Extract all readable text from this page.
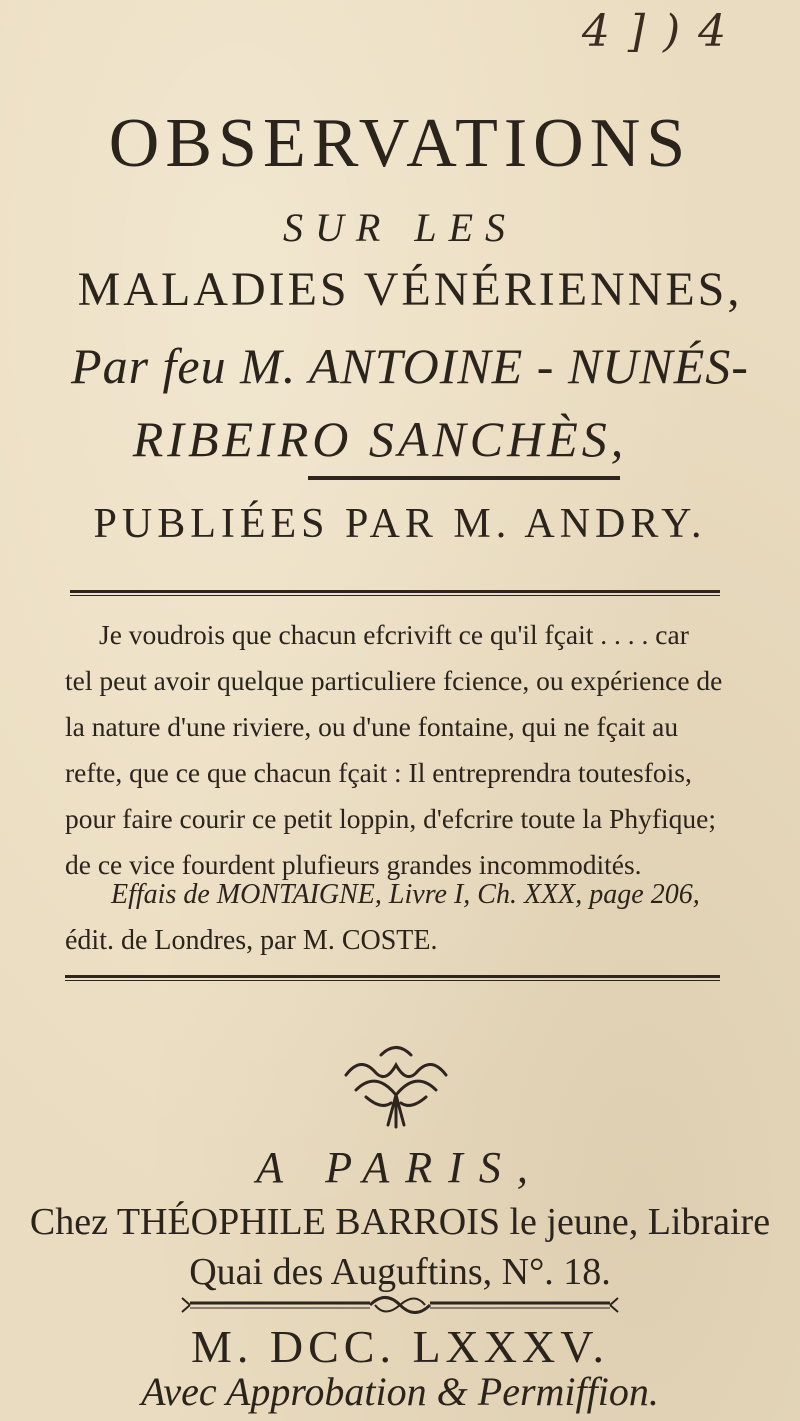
4 ] ) 4
OBSERVATIONS
SUR LES
MALADIES VÉNÉRIENNES,
Par feu M. ANTOINE - NUNÉS-
RIBEIRO SANCHÈS,
PUBLIÉES PAR M. ANDRY.
Je voudrois que chacun efcrivift ce qu'il fçait . . . . car
tel peut avoir quelque particuliere fcience, ou expérience de
la nature d'une riviere, ou d'une fontaine, qui ne fçait au
refte, que ce que chacun fçait : Il entreprendra toutesfois,
pour faire courir ce petit loppin, d'efcrire toute la Phyfique;
de ce vice fourdent plufieurs grandes incommodités.
Effais de MONTAIGNE, Livre I, Ch. XXX, page 206,
édit. de Londres, par M. COSTE.
A PARIS,
Chez THÉOPHILE BARROIS le jeune, Libraire
Quai des Auguftins, N°. 18.
M. DCC. LXXXV.
Avec Approbation & Permiffion.
